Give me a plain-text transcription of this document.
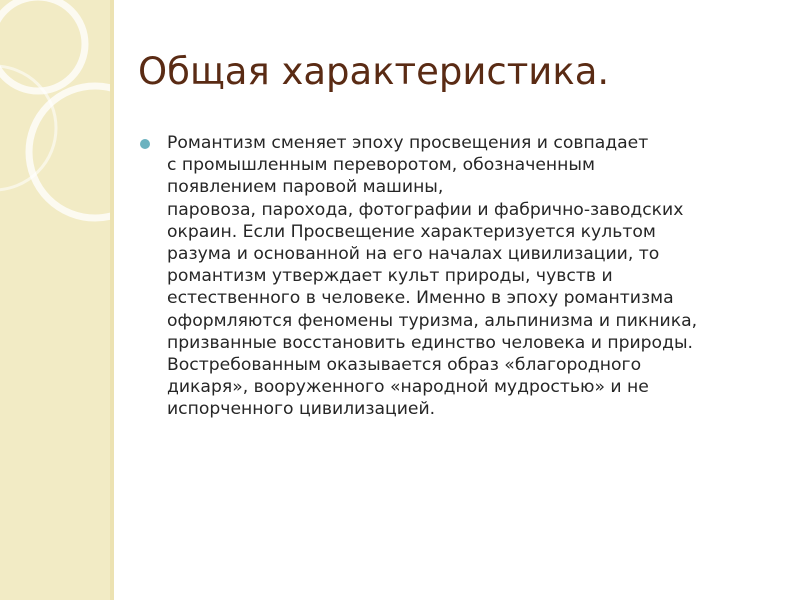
Общая характеристика.
Романтизм сменяет эпоху просвещения и совпадает
с промышленным переворотом, обозначенным
появлением паровой машины,
паровоза, парохода, фотографии и фабрично-заводских
окраин. Если Просвещение характеризуется культом
разума и основанной на его началах цивилизации, то
романтизм утверждает культ природы, чувств и
естественного в человеке. Именно в эпоху романтизма
оформляются феномены туризма, альпинизма и пикника,
призванные восстановить единство человека и природы.
Востребованным оказывается образ «благородного
дикаря», вооруженного «народной мудростью» и не
испорченного цивилизацией.
